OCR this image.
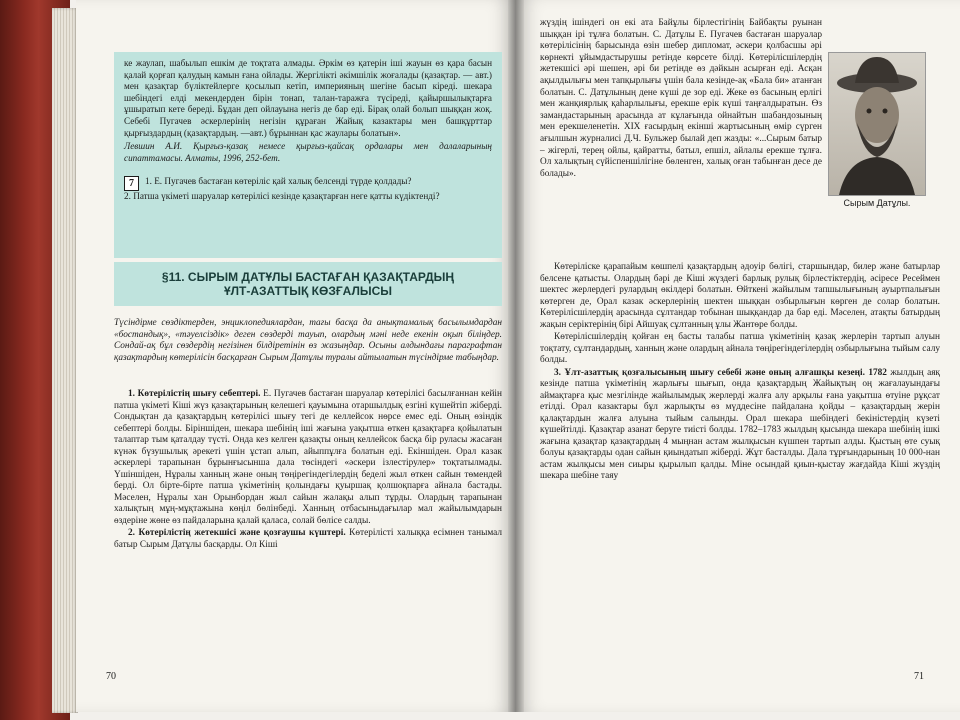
ке жаулап, шабылып ешкім де тоқтата алмады. Әркім өз қатерін іші жауын өз қара басын қалай қорғап қалудың камын ғана ойлады. Жергілікті әкімшілік жоғалады (қазақтар. — авт.) мен қазақтар бүліктейлерге қосылып кетіп, империяның шегіне басып кіреді. шекара шебіндегі елді мекендерден бірін тонап, талан-таражға түсіреді, қайыршылықтарға ұшыратып кете береді. Бұдан деп ойлауына негіз де бар еді. Бірақ олай болып шыққан жоқ. Себебі Пугачев әскерлерінің негізін құраған Жайық казактары мен башқұрттар қырғыздардың (қазақтардың. —авт.) бұрыннан қас жаулары болатын».

Левшин А.И. Қырғыз-қазақ немесе қырғыз-қайсақ ордалары мен далаларының сипаттамасы. Алматы, 1996, 252-бет.

7	1. Е. Пугачев бастаған көтеріліс қай халық белсенді түрде қолдады?

2. Патша үкіметі шаруалар көтерілісі кезінде қазақтарған неге қатты күдіктенді?

§11. СЫРЫМ ДАТҰЛЫ БАСТАҒАН ҚАЗАҚТАРДЫҢ
ҰЛТ-АЗАТТЫҚ КӨЗҒАЛЫСЫ
Түсіндірме сөздіктерден, энциклопедиялардан, тағы басқа да анықтамалық басылымдардан «бостандық», «тәуелсіздік» деген сөздерді тауып, олардың мәні неде екенін оқып біліңдер. Сондай-ақ бұл сөздердің негізінен білдіретінін өз жазыңдар. Осыны алдындағы параграфтан қазақтардың көтерілісін басқарған Сырым Датұлы туралы айтылатын түсіндірме табыңдар.

1. Көтерілістің шығу себептері. Е. Пугачев бастаған шаруалар көтерілісі басылғаннан кейін патша үкіметі Кіші жүз қазақтарының келешегі қауымына отаршылдық езгіні күшейтіп жіберді. Сондықтан да қазақтардың көтерілісі шығу тегі де келлейсок нөрсе емес еді. Оның өзіндік себептері болды. Біріншіден, шекара шебінің іші жағына уақытша өткен қазақтарға қойылатын талаптар тым қаталдау түсті. Онда кез келген қазақты оның келлейсок басқа бір руласы жасаған күнәк бүзушылық әрекеті үшін ұстап алып, айыппұлға болатын еді. Екіншіден. Орал казак әскерлері тарапынан бұрынғысынша дала төсіндегі «әскери ізлестірулер» тоқтатылмады. Үшіншіден, Нұралы ханның және оның төңірегіндегілердің беделі жыл өткен сайын төмендей берді. Ол бірте-бірте патша үкіметінің қолындағы қуыршақ қолшоқпарға айнала бастады. Мәселен, Нұралы хан Орынбордан жыл сайын жалақы алып тұрды. Олардың тарапынан халықтың мұң-мұқтажына көңіл бөлінбеді. Ханның отбасыныдағылар мал жайылымдарын өздеріне жөне өз пайдаларына қалай қаласа, солай бөлісе салды.

2. Көтерілістің жетекшісі және қозғаушы күштері. Көтерілісті халыққа есімнен танымал батыр Сырым Датұлы басқарды. Ол Кіші

70
жүздің ішіндегі он екі ата Байұлы бірлестігінің Байбақты руынан шыққан ірі тұлға болатын. С. Датұлы Е. Пугачев бастаған шаруалар көтерілісінің барысында өзін шебер дипломат, әскери қолбасшы әрі көрнекті ұйымдастырушы ретінде көрсете білді. Көтерілісшілердің жетекшісі әрі шешен, әрі би ретінде өз дәйкын асырған еді. Асқан ақылдылығы мен тапқырлығы үшін бала кезінде-ақ «Бала би» атанған болатын. С. Датұлының дене күші де зор еді. Жеке өз басының ерлігі мен жанқиярлық қаһарлылығы, ерекше ерік күші таңғалдыратын. Өз замандастарының арасында ат кұлағында ойнайтын шабандозының мен ерекшеленетін. XIX ғасырдың екінші жартысының өмір сүрген ағылшын журналисі Д.Ч. Бульжер былай деп жазды: «...Сырым батыр – жігерлі, терең ойлы, қайратты, батыл, епшіл, айлалы ерекше тұлға. Ол халықтың сүйіспеншілігіне бөленген, халық оған табынған десе де болады».
Сырым Датұлы.

Көтеріліске қарапайым көшпелі қазақтардың әдоуір бөлігі, старшындар, билер және батырлар белсене қатысты. Олардың бәрі де Кіші жүздегі барлық рулық бірлестіктердің, әсіресе Ресеймен шектес жерлердегі рулардың өкілдері болатын. Өйткені жайылым тапшылығының ауыртпалығын көтерген де, Орал казак әскерлерінің шектен шыққан озбырлығын көрген де солар болатын. Көтерілісшілердің арасында сұлтандар тобынан шыққандар да бар еді. Мәселен, атақты батырдың жақын серіктерінің бірі Айшуақ сұлтанның ұлы Жантөре болды.

Көтерілісшілердің қойған ең басты талабы патша үкіметінің қазақ жерлерін тартып алуын тоқтату, сұлтандардың, ханның және олардың айнала төңірегіндегілердің озбырлығына тыйым салу болды.

3. Ұлт-азаттық қозғалысының шығу себебі және оның алғашқы кезеңі. 1782 жылдың аяқ кезінде патша үкіметінің жарлығы шығып, онда қазақтардың Жайықтың оң жағалауындағы аймақтарға қыс мезгілінде жайылымдық жерлерді жалға алу арқылы ғана уақытша өтуіне рұқсат етілді. Орал казактары бұл жарлықты өз мүддесіне пайдалана қойды – қазақтардың жерін қалақтардын жалға алуына тыйым салынды. Орал шекара шебіндегі бекіністердің күзеті күшейтілді. Қазақтар азанат беруге тиісті болды. 1782–1783 жылдың қысында шекара шебінің ішкі жағына қазақтар қазақтардың 4 мыңнан астам жылқысын күшпен тартып алды. Қыстың өте суық болуы қазақтарды одан сайын қиындатып жіберді. Жұт басталды. Дала тұрғындарының 10 000-нан астам жылқысы мен сиыры қырылып қалды. Міне осындай қиын-қыстау жағдайда Кіші жүздің шекара шебіне таяу

71
